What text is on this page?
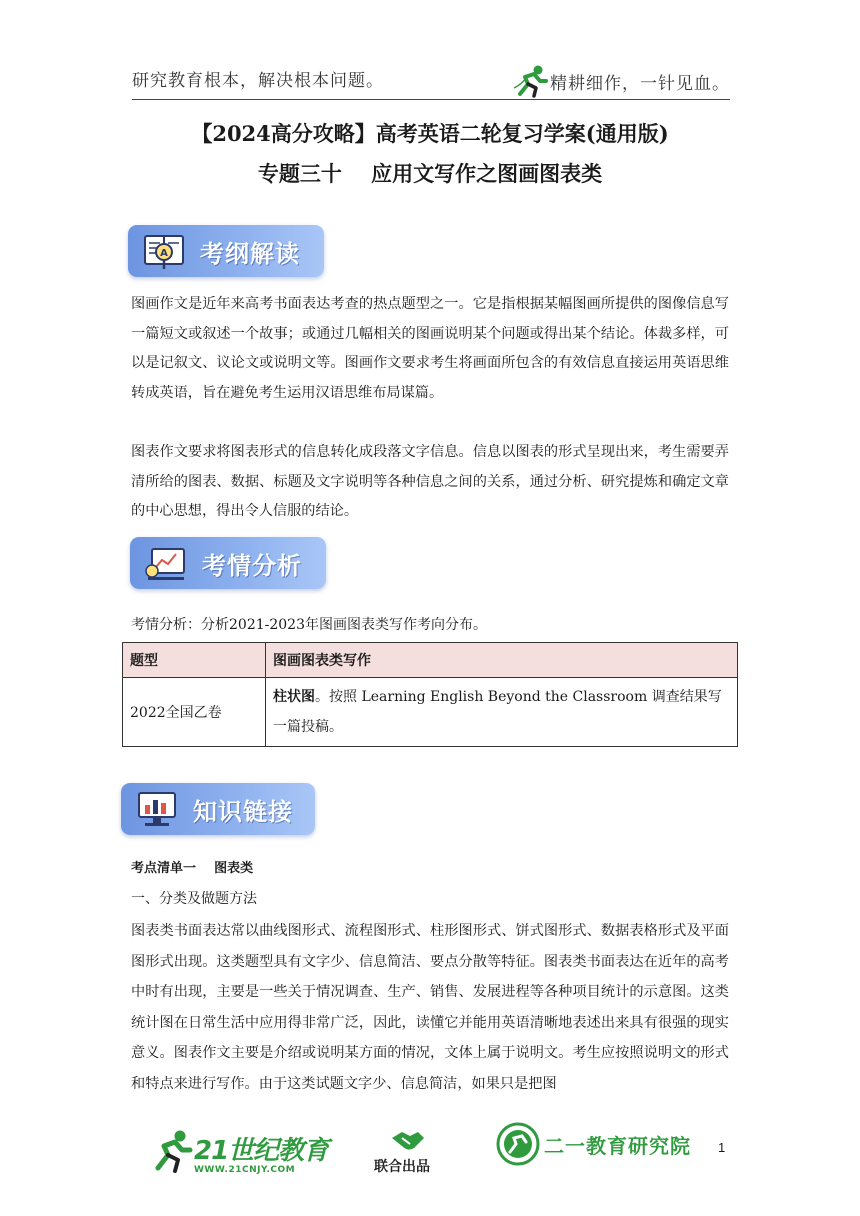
研究教育根本，解决根本问题。	精耕细作，一针见血。
【2024高分攻略】高考英语二轮复习学案(通用版)
专题三十    应用文写作之图画图表类
A 考纲解读
图画作文是近年来高考书面表达考查的热点题型之一。它是指根据某幅图画所提供的图像信息写一篇短文或叙述一个故事；或通过几幅相关的图画说明某个问题或得出某个结论。体裁多样，可以是记叙文、议论文或说明文等。图画作文要求考生将画面所包含的有效信息直接运用英语思维转成英语，旨在避免考生运用汉语思维布局谋篇。
图表作文要求将图表形式的信息转化成段落文字信息。信息以图表的形式呈现出来，考生需要弄清所给的图表、数据、标题及文字说明等各种信息之间的关系，通过分析、研究提炼和确定文章的中心思想，得出令人信服的结论。
考情分析
考情分析：分析2021-2023年图画图表类写作考向分布。
题型	图画图表类写作
2022全国乙卷	柱状图。按照 Learning English Beyond the Classroom 调查结果写一篇投稿。
知识链接
考点清单一    图表类
一、分类及做题方法
图表类书面表达常以曲线图形式、流程图形式、柱形图形式、饼式图形式、数据表格形式及平面图形式出现。这类题型具有文字少、信息简洁、要点分散等特征。图表类书面表达在近年的高考中时有出现，主要是一些关于情况调查、生产、销售、发展进程等各种项目统计的示意图。这类统计图在日常生活中应用得非常广泛，因此，读懂它并能用英语清晰地表述出来具有很强的现实意义。图表作文主要是介绍或说明某方面的情况，文体上属于说明文。考生应按照说明文的形式和特点来进行写作。由于这类试题文字少、信息简洁，如果只是把图
21世纪教育
WWW.21CNJY.COM	联合出品
二一教育研究院 1
